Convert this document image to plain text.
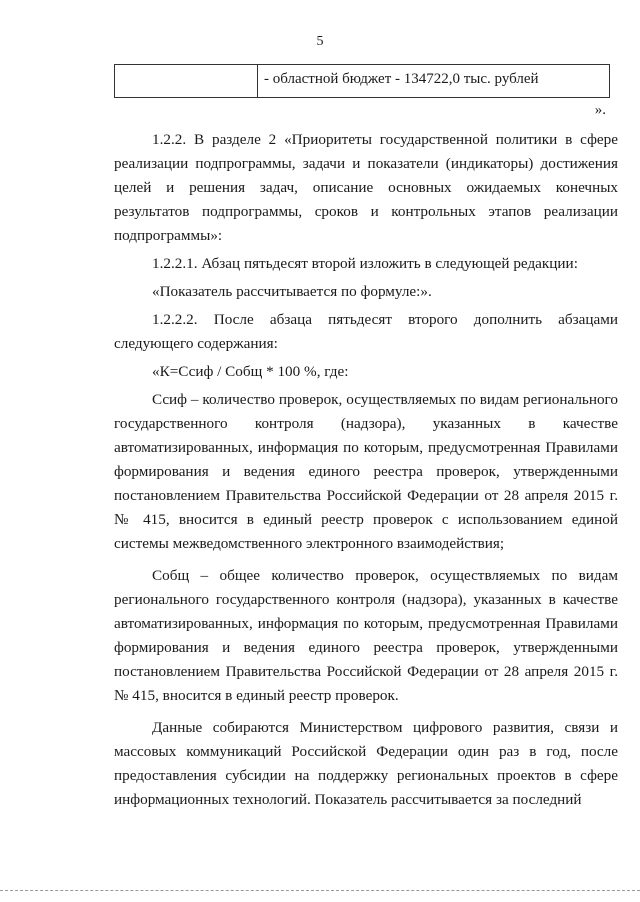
5
- областной бюджет - 134722,0 тыс. рублей
».

1.2.2. В разделе 2 «Приоритеты государственной политики в сфере реализации подпрограммы, задачи и показатели (индикаторы) достижения целей и решения задач, описание основных ожидаемых конечных результатов подпрограммы, сроков и контрольных этапов реализации подпрограммы»:

1.2.2.1. Абзац пятьдесят второй изложить в следующей редакции:

«Показатель рассчитывается по формуле:».

1.2.2.2. После абзаца пятьдесят второго дополнить абзацами следующего содержания:

«К=Ссиф / Собщ * 100 %, где:

Ссиф – количество проверок, осуществляемых по видам регионального государственного контроля (надзора), указанных в качестве автоматизированных, информация по которым, предусмотренная Правилами формирования и ведения единого реестра проверок, утвержденными постановлением Правительства Российской Федерации от 28 апреля 2015 г. № 415, вносится в единый реестр проверок с использованием единой системы межведомственного электронного взаимодействия;

Собщ – общее количество проверок, осуществляемых по видам регионального государственного контроля (надзора), указанных в качестве автоматизированных, информация по которым, предусмотренная Правилами формирования и ведения единого реестра проверок, утвержденными постановлением Правительства Российской Федерации от 28 апреля 2015 г. № 415, вносится в единый реестр проверок.

Данные собираются Министерством цифрового развития, связи и массовых коммуникаций Российской Федерации один раз в год, после предоставления субсидии на поддержку региональных проектов в сфере информационных технологий. Показатель рассчитывается за последний
